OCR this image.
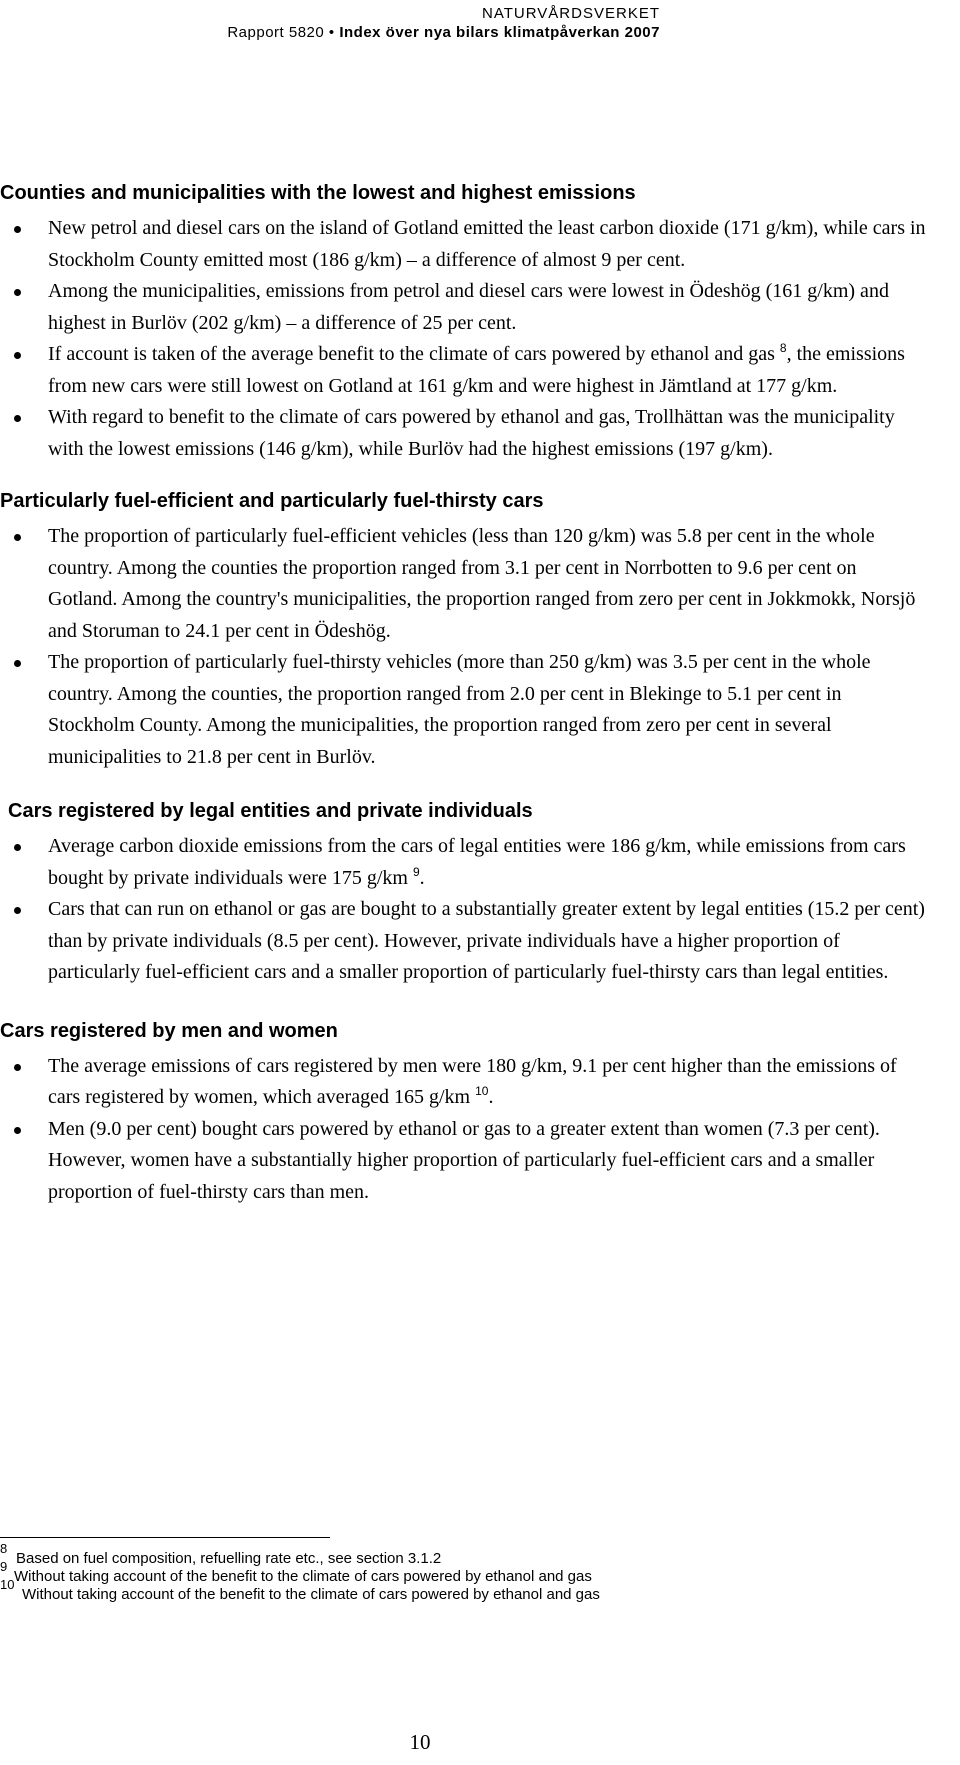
NATURVÅRDSVERKET
Rapport 5820 • Index över nya bilars klimatpåverkan 2007
Counties and municipalities with the lowest and highest emissions
New petrol and diesel cars on the island of Gotland emitted the least carbon dioxide (171 g/km), while cars in Stockholm County emitted most (186 g/km) – a difference of almost 9 per cent.
Among the municipalities, emissions from petrol and diesel cars were lowest in Ödeshög (161 g/km) and highest in Burlöv (202 g/km) – a difference of 25 per cent.
If account is taken of the average benefit to the climate of cars powered by ethanol and gas $^8$, the emissions from new cars were still lowest on Gotland at 161 g/km and were highest in Jämtland at 177 g/km.
With regard to benefit to the climate of cars powered by ethanol and gas, Trollhättan was the municipality with the lowest emissions (146 g/km), while Burlöv had the highest emissions (197 g/km).
Particularly fuel-efficient and particularly fuel-thirsty cars
The proportion of particularly fuel-efficient vehicles (less than 120 g/km) was 5.8 per cent in the whole country. Among the counties the proportion ranged from 3.1 per cent in Norrbotten to 9.6 per cent on Gotland. Among the country's municipalities, the proportion ranged from zero per cent in Jokkmokk, Norsjö and Storuman to 24.1 per cent in Ödeshög.
The proportion of particularly fuel-thirsty vehicles (more than 250 g/km) was 3.5 per cent in the whole country. Among the counties, the proportion ranged from 2.0 per cent in Blekinge to 5.1 per cent in Stockholm County. Among the municipalities, the proportion ranged from zero per cent in several municipalities to 21.8 per cent in Burlöv.
Cars registered by legal entities and private individuals
Average carbon dioxide emissions from the cars of legal entities were 186 g/km, while emissions from cars bought by private individuals were 175 g/km $^9$.
Cars that can run on ethanol or gas are bought to a substantially greater extent by legal entities (15.2 per cent) than by private individuals (8.5 per cent). However, private individuals have a higher proportion of particularly fuel-efficient cars and a smaller proportion of particularly fuel-thirsty cars than legal entities.
Cars registered by men and women
The average emissions of cars registered by men were 180 g/km, 9.1 per cent higher than the emissions of cars registered by women, which averaged 165 g/km $^{10}$.
Men (9.0 per cent) bought cars powered by ethanol or gas to a greater extent than women (7.3 per cent). However, women have a substantially higher proportion of particularly fuel-efficient cars and a smaller proportion of fuel-thirsty cars than men.
8
Based on fuel composition, refuelling rate etc., see section 3.1.2
9
Without taking account of the benefit to the climate of cars powered by ethanol and gas
10
Without taking account of the benefit to the climate of cars powered by ethanol and gas
10
